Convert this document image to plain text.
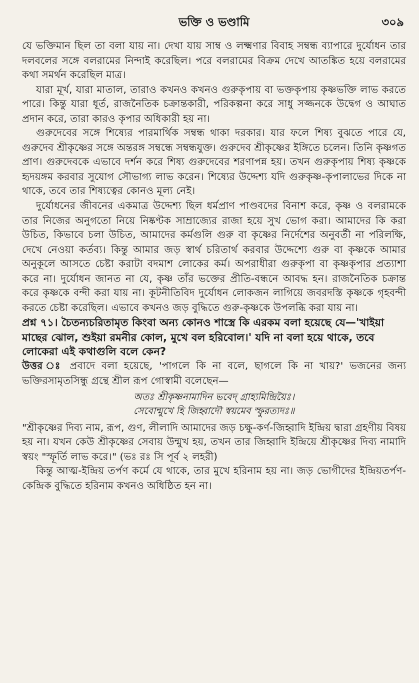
ভক্তি ও ভণ্ডামি	৩০৯

যে ভক্তিমান ছিল তা বলা যায় না। দেখা যায় সাম্ব ও লক্ষ্মণার বিবাহ সম্বন্ধ ব্যাপারে দুর্যোধন তার দলবলের সঙ্গে বলরামের নিন্দাই করেছিল। পরে বলরামের বিক্রম দেখে আতঙ্কিত হয়ে বলরামের কথা সমর্থন করেছিল মাত্র।

যারা মূর্খ, যারা মাতাল, তারাও কখনও কখনও গুরুকৃপায় বা ভক্তকৃপায় কৃষ্ণভক্তি লাভ করতে পারে। কিন্তু যারা ধূর্ত, রাজনৈতিক চক্রান্তকারী, পরিকল্পনা করে সাধু সজ্জনকে উদ্বেগ ও আঘাত প্রদান করে, তারা কারও কৃপার অধিকারী হয় না।

গুরুদেবের সঙ্গে শিষ্যের পারমার্থিক সম্বন্ধ থাকা দরকার। যার ফলে শিষ্য বুঝতে পারে যে, গুরুদেব শ্রীকৃষ্ণের সঙ্গে অন্তরঙ্গ সম্বন্ধে সম্বন্ধযুক্ত। গুরুদেব শ্রীকৃষ্ণের ইঙ্গিতে চলেন। তিনি কৃষ্ণগত প্রাণ। গুরুদেবকে এভাবে দর্শন করে শিষ্য গুরুদেবের শরণাপন্ন হয়। তখন গুরুকৃপায় শিষ্য কৃষ্ণকে হৃদয়ঙ্গম করবার সুযোগ সৌভাগ্য লাভ করেন। শিষ্যের উদ্দেশ্য যদি গুরুকৃষ্ণ-কৃপালাভের দিকে না থাকে, তবে তার শিষ্যত্বের কোনও মূল্য নেই।

দুর্যোধনের জীবনের একমাত্র উদ্দেশ্য ছিল ধর্মপ্রাণ পাণ্ডবদের বিনাশ করে, কৃষ্ণ ও বলরামকে তার নিজের অনুগতো নিয়ে নিষ্কণ্টক সাম্রাজ্যের রাজা হয়ে সুখ ভোগ করা। আমাদের কি করা উচিত, কিভাবে চলা উচিত, আমাদের কর্মগুলি গুরু বা কৃষ্ণের নির্দেশের অনুবর্তী না পরিলক্ষি, দেখে নেওয়া কর্তব্য। কিন্তু আমার জড় স্বার্থ চরিতার্থ করবার উদ্দেশ্যে গুরু বা কৃষ্ণকে আমার অনুকূলে আসতে চেষ্টা করাটা বদমাশ লোকের কর্ম। অপরাধীরা গুরুকৃপা বা কৃষ্ণকৃপার প্রত্যাশা করে না। দুর্যোধন জানত না যে, কৃষ্ণ তাঁর ভক্তের প্রীতি-বন্ধনে আবদ্ধ হন। রাজনৈতিক চক্রান্ত করে কৃষ্ণকে বন্দী করা যায় না। কূটনীতিবিদ দুর্যোধন লোকজন লাগিয়ে জবরদস্তি কৃষ্ণকে গৃহবন্দী করতে চেষ্টা করেছিল। এভাবে কখনও জড় বুদ্ধিতে গুরু-কৃষ্ণকে উপলব্ধি করা যায় না।

প্রশ্ন ৭১। চৈতন্যচরিতামৃত কিংবা অন্য কোনও শাস্ত্রে কি এরকম বলা হয়েছে যে—'খাইয়া মাছের ঝোল, শুইয়া রমনীর কোল, মুখে বল হরিবোল।' যদি না বলা হয়ে থাকে, তবে লোকেরা এই কথাগুলি বলে কেন?

উত্তর ঃ প্রবাদে বলা হয়েছে, 'পাগলে কি না বলে, ছাগলে কি না খায়?' ভজনের জন্য ভক্তিরসামৃতসিন্ধু গ্রন্থে শ্রীল রূপ গোস্বামী বলেছেন—

অতঃ শ্রীকৃষ্ণনামাদিন ভবেদ্ গ্রাহ্যমিন্দ্রিয়ৈঃ।

সেবোন্মুখে হি জিহ্বাদৌ স্বয়মেব স্ফুরত্যদঃ॥

"শ্রীকৃষ্ণের দিব্য নাম, রূপ, গুণ, লীলাদি আমাদের জড় চক্ষু-কর্ণ-জিহ্বাদি ইন্দ্রিয় দ্বারা গ্রহণীয় বিষয় হয় না। যখন কেউ শ্রীকৃষ্ণের সেবায় উন্মুখ হয়, তখন তার জিহ্বাদি ইন্দ্রিয়ে শ্রীকৃষ্ণের দিব্য নামাদি স্বয়ং "স্ফূর্তি লাভ করে।" (ভঃ রঃ সি পূর্ব ২ লহরী)

কিন্তু আত্ম-ইন্দ্রিয় তর্পণ কর্মে যে থাকে, তার মুখে হরিনাম হয় না। জড় ভোগীদের ইন্দ্রিয়তর্পণ-কেন্দ্রিক বুদ্ধিতে হরিনাম কখনও অধিষ্ঠিত হন না।
